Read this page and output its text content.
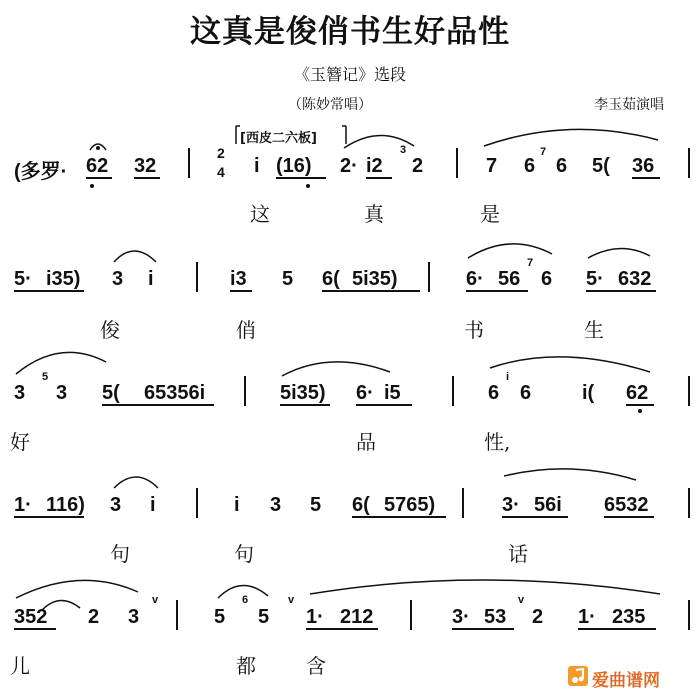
这真是俊俏书生好品性
《玉簪记》选段
（陈妙常唱）	李玉茹演唱
[西皮二六板]
(多罗· 62 32
2
4 i (16) 2· i2
3
2	7 6
7
6 5( 36
这	真	是
5· i35) 3 i	i3 5 6( 5i35)	6· 56
7
6 5· 632
俊	俏	书	生
3
5
3 5( 65356i	5i35) 6· i5	6
i
6	i( 62
好	品	性,
1· 116) 3 i	i 3 5 6( 5765)	3· 56i 6532
句	句	话
352 2 3
v
5
6
5
v
1· 212	3· 53
v
2 1· 235
儿	都	含
爱曲谱网
